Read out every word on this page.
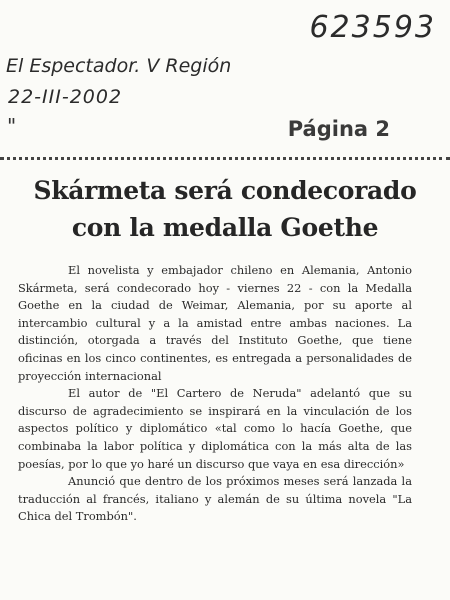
623593
El Espectador. V Región
22-III-2002
"	Página 2
Skármeta será condecorado
con la medalla Goethe

El novelista y embajador chileno en Alemania, Antonio Skármeta, será condecorado hoy - viernes 22 - con la Medalla Goethe en la ciudad de Weimar, Alemania, por su aporte al intercambio cultural y a la amistad entre ambas naciones. La distinción, otorgada a través del Instituto Goethe, que tiene oficinas en los cinco continentes, es entregada a personalidades de proyección internacional

El autor de "El Cartero de Neruda" adelantó que su discurso de agradecimiento se inspirará en la vinculación de los aspectos político y diplomático «tal como lo hacía Goethe, que combinaba la labor política y diplomática con la más alta de las poesías, por lo que yo haré un discurso que vaya en esa dirección»

Anunció que dentro de los próximos meses será lanzada la traducción al francés, italiano y alemán de su última novela "La Chica del Trombón".
